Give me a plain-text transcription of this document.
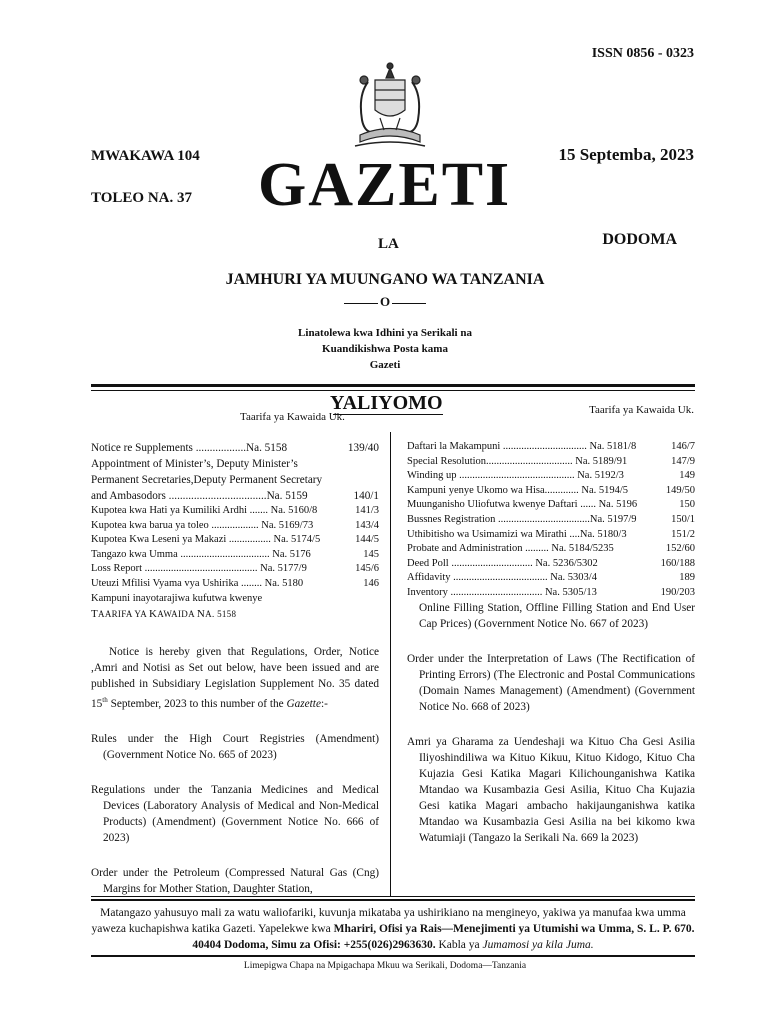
ISSN 0856 - 0323
MWAKAWA 104	15 Septemba, 2023
TOLEO NA. 37 GAZETI
LA	DODOMA
JAMHURI YA MUUNGANO WA TANZANIA
O
Linatolewa kwa Idhini ya Serikali na
Kuandikishwa Posta kama
Gazeti
YALIYOMO
Taarifa ya Kawaida Uk.
Taarifa ya Kawaida Uk.
Notice re Supplements ..................Na. 5158	139/40
Appointment of Minister’s, Deputy Minister’s
Permanent Secretaries,Deputy Permanent Secretary
and Ambasodors ...................................Na. 5159	140/1
Kupotea kwa Hati ya Kumiliki Ardhi ....... Na. 5160/8	141/3
Kupotea kwa barua ya toleo .................. Na. 5169/73	143/4
Kupotea Kwa Leseni ya Makazi ................ Na. 5174/5	144/5
Tangazo kwa Umma .................................. Na. 5176	145
Loss Report ........................................... Na. 5177/9	145/6
Uteuzi Mfilisi Vyama vya Ushirika ........ Na. 5180	146
Kampuni inayotarajiwa kufutwa kwenye
Daftari la Makampuni ................................ Na. 5181/8	146/7
Special Resolution................................. Na. 5189/91	147/9
Winding up ............................................ Na. 5192/3	149
Kampuni yenye Ukomo wa Hisa............. Na. 5194/5	149/50
Muunganisho Uliofutwa kwenye Daftari ...... Na. 5196	150
Bussnes Registration ...................................Na. 5197/9	150/1
Uthibitisho wa Usimamizi wa Mirathi ....Na. 5180/3	151/2
Probate and Administration ......... Na. 5184/5235	152/60
Deed Poll ............................... Na. 5236/5302	160/188
Affidavity .................................... Na. 5303/4	189
Inventory ................................... Na. 5305/13	190/203
TAARIFA YA KAWAIDA NA. 5158
Notice is hereby given that Regulations, Order, Notice ,Amri and Notisi as Set out below, have been issued and are published in Subsidiary Legislation Supplement No. 35 dated 15th September, 2023 to this number of the Gazette:-
Rules under the High Court Registries (Amendment) (Government Notice No. 665 of 2023)
Regulations under the Tanzania Medicines and Medical Devices (Laboratory Analysis of Medical and Non-Medical Products) (Amendment) (Government Notice No. 666 of 2023)
Order under the Petroleum (Compressed Natural Gas (Cng) Margins for Mother Station, Daughter Station,
Online Filling Station, Offline Filling Station and End User Cap Prices) (Government Notice No. 667 of 2023)
Order under the Interpretation of Laws (The Rectification of Printing Errors) (The Electronic and Postal Communications (Domain Names Management) (Amendment) (Government Notice No. 668 of 2023)
Amri ya Gharama za Uendeshaji wa Kituo Cha Gesi Asilia Iliyoshindiliwa wa Kituo Kikuu, Kituo Kidogo, Kituo Cha Kujazia Gesi Katika Magari Kilichounganishwa Katika Mtandao wa Kusambazia Gesi Asilia, Kituo Cha Kujazia Gesi katika Magari ambacho hakijaunganishwa katika Mtandao wa Kusambazia Gesi Asilia na bei kikomo kwa Watumiaji (Tangazo la Serikali Na. 669 la 2023)
Matangazo yahusuyo mali za watu waliofariki, kuvunja mikataba ya ushirikiano na mengineyo, yakiwa ya manufaa kwa umma yaweza kuchapishwa katika Gazeti. Yapelekwe kwa Mhariri, Ofisi ya Rais—Menejimenti ya Utumishi wa Umma, S. L. P. 670. 40404 Dodoma, Simu za Ofisi: +255(026)2963630. Kabla ya Jumamosi ya kila Juma.
Limepigwa Chapa na Mpigachapa Mkuu wa Serikali, Dodoma—Tanzania
